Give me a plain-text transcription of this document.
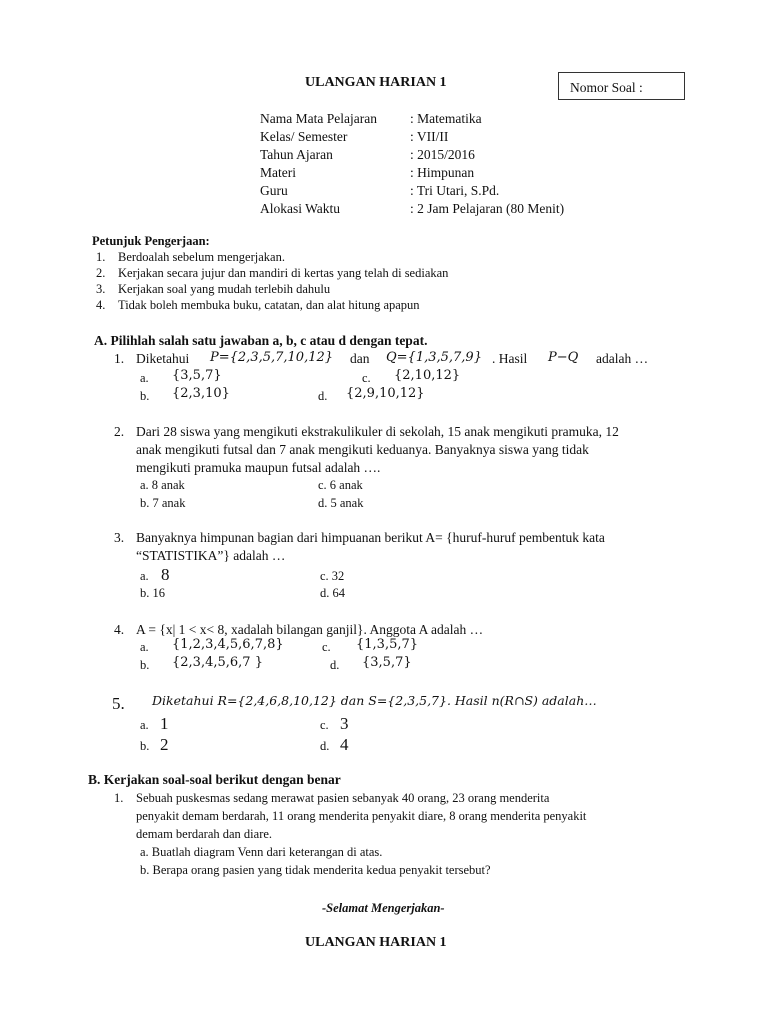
ULANGAN HARIAN 1	Nomor Soal :
Nama Mata Pelajaran : Matematika
Kelas/ Semester	: VII/II
Tahun Ajaran	: 2015/2016
Materi	: Himpunan
Guru	: Tri Utari, S.Pd.
Alokasi Waktu	: 2 Jam Pelajaran (80 Menit)
Petunjuk Pengerjaan:
1. Berdoalah sebelum mengerjakan.
2. Kerjakan secara jujur dan mandiri di kertas yang telah di sediakan
3. Kerjakan soal yang mudah terlebih dahulu
4. Tidak boleh membuka buku, catatan, dan alat hitung apapun
A. Pilihlah salah satu jawaban a, b, c atau d dengan tepat.
1. Diketahui P={2,3,5,7,10,12} dan Q={1,3,5,7,9} . Hasil P−Q adalah …
a. {3,5,7}	c. {2,10,12}
b. {2,3,10}	d. {2,9,10,12}
2. Dari 28 siswa yang mengikuti ekstrakulikuler di sekolah, 15 anak mengikuti pramuka, 12
anak mengikuti futsal dan 7 anak mengikuti keduanya. Banyaknya siswa yang tidak
mengikuti pramuka maupun futsal adalah ….
a. 8 anak	c. 6 anak
b. 7 anak	d. 5 anak
3. Banyaknya himpunan bagian dari himpuanan berikut A= {huruf-huruf pembentuk kata
“STATISTIKA”} adalah …
a. 8	c. 32
b. 16	d. 64
4. A = {x| 1 < x< 8, xadalah bilangan ganjil}. Anggota A adalah …
a. {1,2,3,4,5,6,7,8}	c. {1,3,5,7}
b. {2,3,4,5,6,7 }	d. {3,5,7}
5. Diketahui R={2,4,6,8,10,12} dan S={2,3,5,7}. Hasil n(R∩S) adalah…
a. 1	c. 3
b. 2	d. 4
B. Kerjakan soal-soal berikut dengan benar
1. Sebuah puskesmas sedang merawat pasien sebanyak 40 orang, 23 orang menderita
penyakit demam berdarah, 11 orang menderita penyakit diare, 8 orang menderita penyakit
demam berdarah dan diare.
a. Buatlah diagram Venn dari keterangan di atas.
b. Berapa orang pasien yang tidak menderita kedua penyakit tersebut?
-Selamat Mengerjakan-
ULANGAN HARIAN 1
